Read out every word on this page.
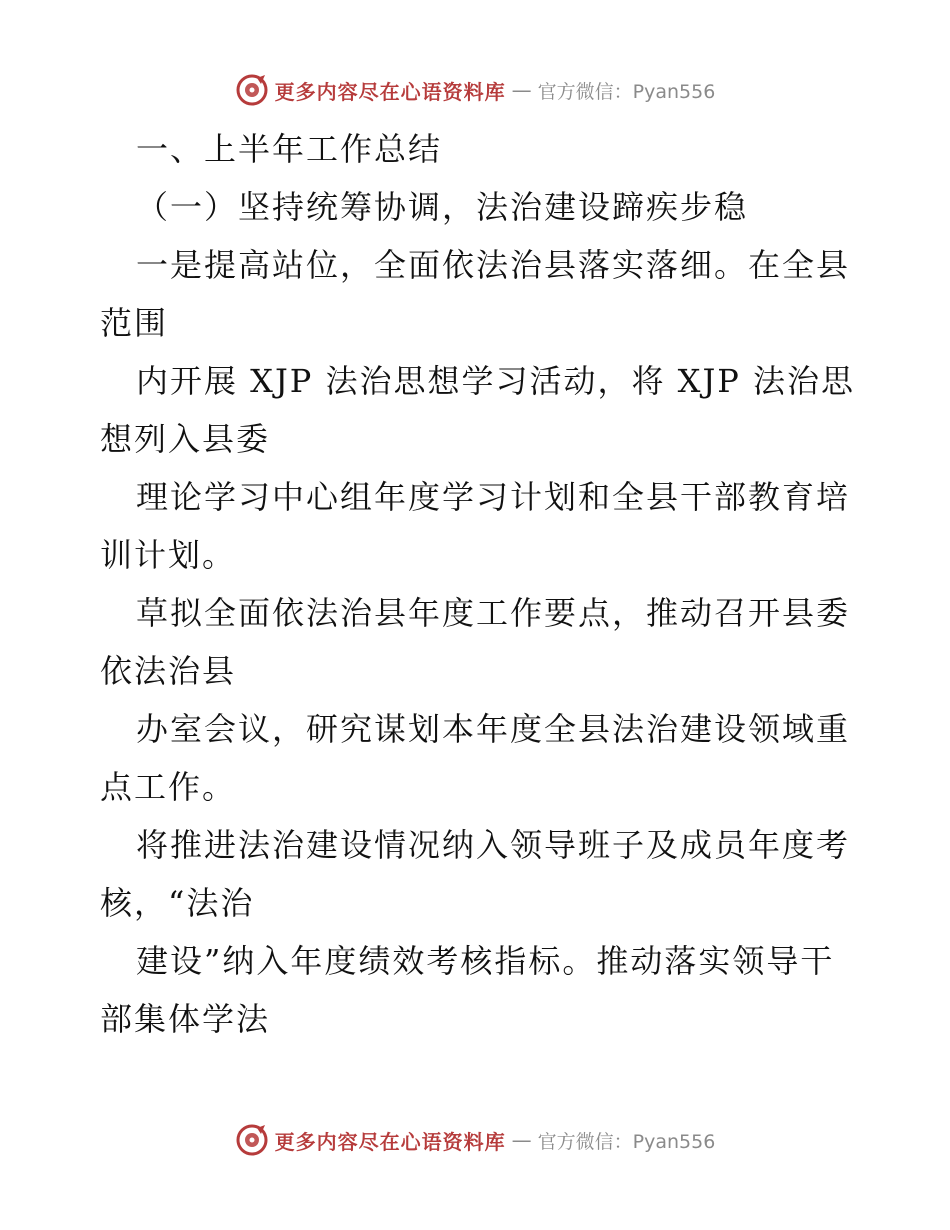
更多内容尽在心语资料库 — 官方微信：Pyan556
一、上半年工作总结
（一）坚持统筹协调，法治建设蹄疾步稳
一是提高站位，全面依法治县落实落细。在全县
范围
内开展 XJP 法治思想学习活动，将 XJP 法治思
想列入县委
理论学习中心组年度学习计划和全县干部教育培
训计划。
草拟全面依法治县年度工作要点，推动召开县委
依法治县
办室会议，研究谋划本年度全县法治建设领域重
点工作。
将推进法治建设情况纳入领导班子及成员年度考
核，“法治
建设”纳入年度绩效考核指标。推动落实领导干
部集体学法
更多内容尽在心语资料库 — 官方微信：Pyan556
